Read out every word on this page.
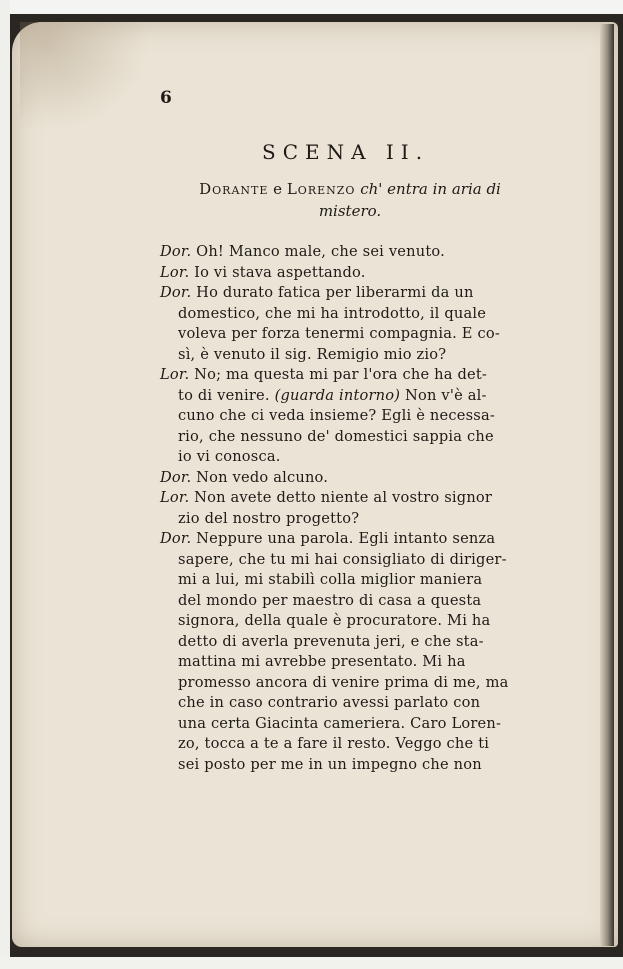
6
SCENA II.
Dorante e Lorenzo ch' entra in aria di
mistero.
Dor. Oh! Manco male, che sei venuto.
Lor. Io vi stava aspettando.
Dor. Ho durato fatica per liberarmi da un
domestico, che mi ha introdotto, il quale
voleva per forza tenermi compagnia. E co-
sì, è venuto il sig. Remigio mio zio?
Lor. No; ma questa mi par l'ora che ha det-
to di venire. (guarda intorno) Non v'è al-
cuno che ci veda insieme? Egli è necessa-
rio, che nessuno de' domestici sappia che
io vi conosca.
Dor. Non vedo alcuno.
Lor. Non avete detto niente al vostro signor
zio del nostro progetto?
Dor. Neppure una parola. Egli intanto senza
sapere, che tu mi hai consigliato di diriger-
mi a lui, mi stabilì colla miglior maniera
del mondo per maestro di casa a questa
signora, della quale è procuratore. Mi ha
detto di averla prevenuta jeri, e che sta-
mattina mi avrebbe presentato. Mi ha
promesso ancora di venire prima di me, ma
che in caso contrario avessi parlato con
una certa Giacinta cameriera. Caro Loren-
zo, tocca a te a fare il resto. Veggo che ti
sei posto per me in un impegno che non
